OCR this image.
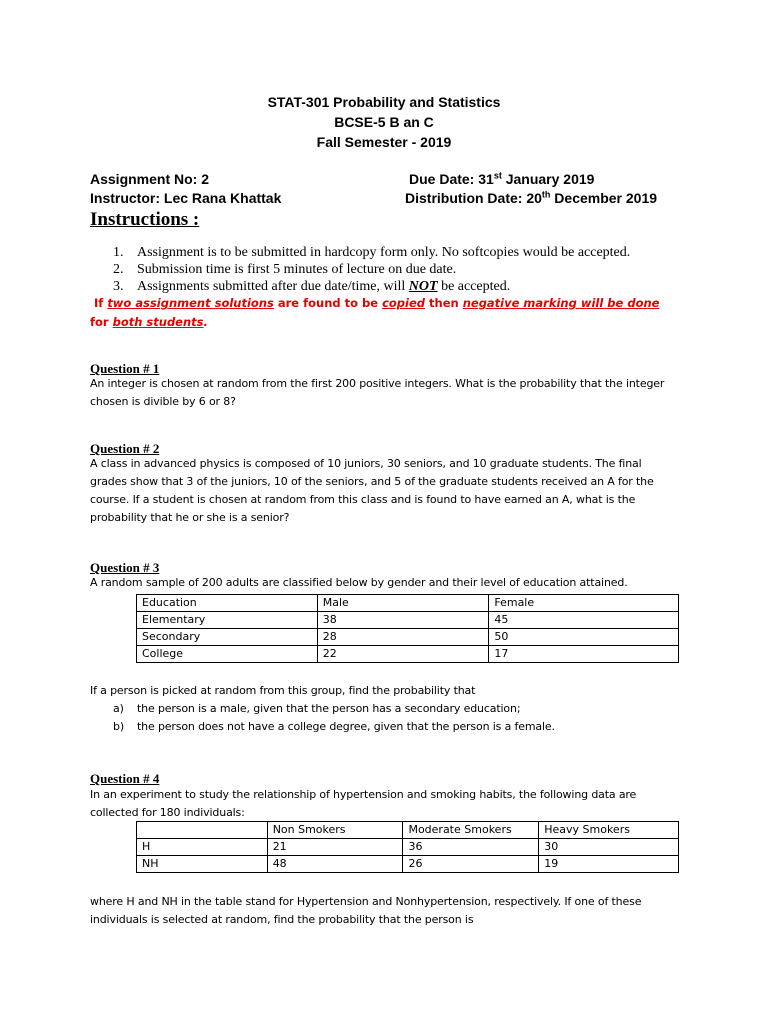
STAT-301 Probability and Statistics
BCSE-5 B an C
Fall Semester - 2019
Assignment No: 2	Due Date: 31st January 2019
Instructor: Lec Rana Khattak	Distribution Date: 20th December 2019
Instructions :
1. Assignment is to be submitted in hardcopy form only. No softcopies would be accepted.
2. Submission time is first 5 minutes of lecture on due date.
3. Assignments submitted after due date/time, will NOT be accepted.
If two assignment solutions are found to be copied then negative marking will be done for both students.
Question # 1
An integer is chosen at random from the first 200 positive integers. What is the probability that the integer chosen is divible by 6 or 8?
Question # 2
A class in advanced physics is composed of 10 juniors, 30 seniors, and 10 graduate students. The final grades show that 3 of the juniors, 10 of the seniors, and 5 of the graduate students received an A for the course. If a student is chosen at random from this class and is found to have earned an A, what is the probability that he or she is a senior?
Question # 3
A random sample of 200 adults are classified below by gender and their level of education attained.
Education	Male	Female
Elementary	38	45
Secondary	28	50
College	22	17
If a person is picked at random from this group, find the probability that
a)	the person is a male, given that the person has a secondary education;
b)	the person does not have a college degree, given that the person is a female.
Question # 4
In an experiment to study the relationship of hypertension and smoking habits, the following data are collected for 180 individuals:
	Non Smokers	Moderate Smokers	Heavy Smokers
H	21	36	30
NH	48	26	19
where H and NH in the table stand for Hypertension and Nonhypertension, respectively. If one of these individuals is selected at random, find the probability that the person is
